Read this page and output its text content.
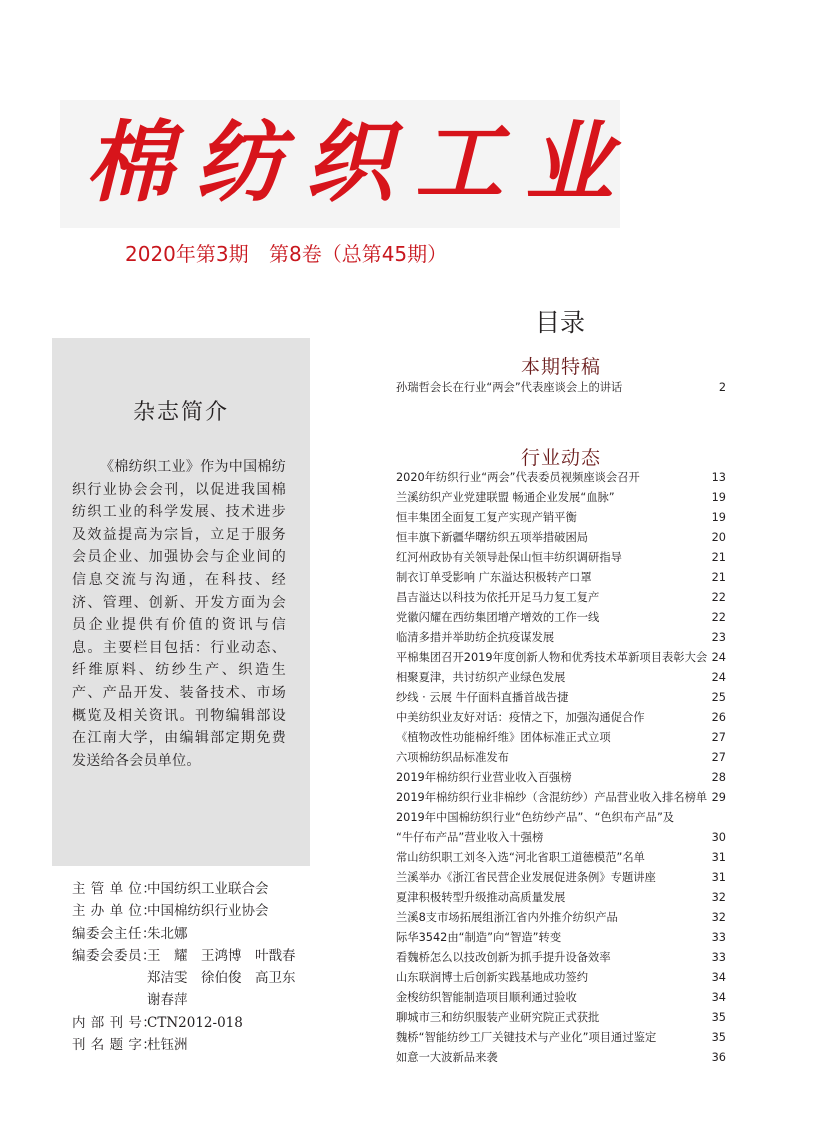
棉纺织工业
2020年第3期 第8卷（总第45期）
杂志简介
《棉纺织工业》作为中国棉纺织行业协会会刊，以促进我国棉纺织工业的科学发展、技术进步及效益提高为宗旨，立足于服务会员企业、加强协会与企业间的信息交流与沟通，在科技、经济、管理、创新、开发方面为会员企业提供有价值的资讯与信息。主要栏目包括：行业动态、纤维原料、纺纱生产、织造生产、产品开发、装备技术、市场概览及相关资讯。刊物编辑部设在江南大学，由编辑部定期免费发送给各会员单位。
主 管 单 位：
中国纺织工业联合会
主 办 单 位：
中国棉纺织行业协会
编委会主任：
朱北娜
编委会委员：
王　耀　王鸿博　叶戬春　郑洁雯　徐伯俊　高卫东　谢春萍
内 部 刊 号：
CTN2012-018
刊 名 题 字：
杜钰洲
目录
本期特稿
孙瑞哲会长在行业“两会”代表座谈会上的讲话	2
行业动态
2020年纺织行业“两会”代表委员视频座谈会召开	13
兰溪纺织产业党建联盟 畅通企业发展“血脉”	19
恒丰集团全面复工复产实现产销平衡	19
恒丰旗下新疆华曙纺织五项举措破困局	20
红河州政协有关领导赴保山恒丰纺织调研指导	21
制衣订单受影响 广东溢达积极转产口罩	21
昌吉溢达以科技为依托开足马力复工复产	22
党徽闪耀在西纺集团增产增效的工作一线	22
临清多措并举助纺企抗疫谋发展	23
平棉集团召开2019年度创新人物和优秀技术革新项目表彰大会 24
相聚夏津，共讨纺织产业绿色发展	24
纱线 · 云展 牛仔面料直播首战告捷	25
中美纺织业友好对话：疫情之下，加强沟通促合作	26
《植物改性功能棉纤维》团体标准正式立项	27
六项棉纺织品标准发布	27
2019年棉纺织行业营业收入百强榜	28
2019年棉纺织行业非棉纱（含混纺纱）产品营业收入排名榜单 29
2019年中国棉纺织行业“色纺纱产品”、“色织布产品”及
“牛仔布产品”营业收入十强榜	30
常山纺织职工刘冬入选“河北省职工道德模范”名单	31
兰溪举办《浙江省民营企业发展促进条例》专题讲座	31
夏津积极转型升级推动高质量发展	32
兰溪8支市场拓展组浙江省内外推介纺织产品	32
际华3542由“制造”向“智造”转变	33
看魏桥怎么以技改创新为抓手提升设备效率	33
山东联润博士后创新实践基地成功签约	34
金梭纺织智能制造项目顺利通过验收	34
聊城市三和纺织服装产业研究院正式获批	35
魏桥“智能纺纱工厂关键技术与产业化”项目通过鉴定	35
如意一大波新品来袭	36
